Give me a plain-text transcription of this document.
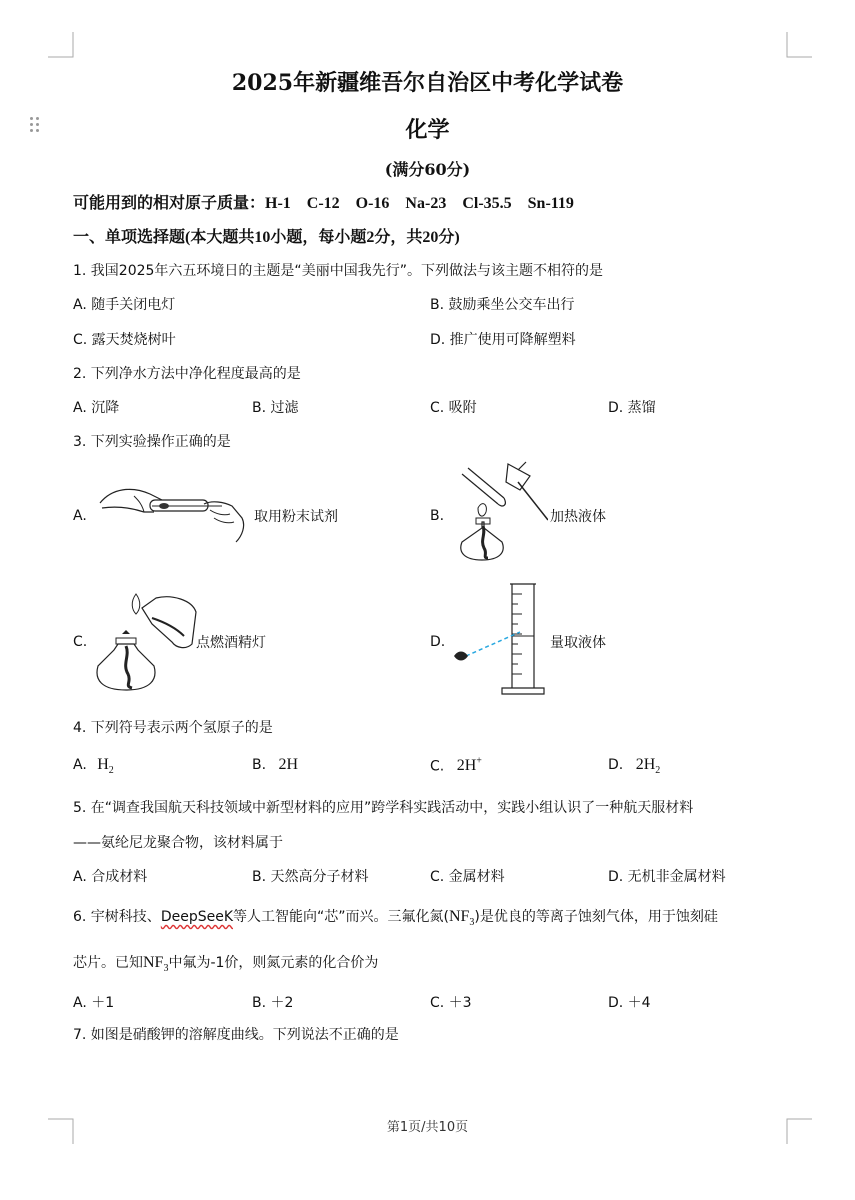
2025年新疆维吾尔自治区中考化学试卷
化学
(满分60分)
可能用到的相对原子质量：H-1　C-12　O-16　Na-23　Cl-35.5　Sn-119
一、单项选择题(本大题共10小题，每小题2分，共20分)
1. 我国2025年六五环境日的主题是“美丽中国我先行”。下列做法与该主题不相符的是
A. 随手关闭电灯	B. 鼓励乘坐公交车出行
C. 露天焚烧树叶	D. 推广使用可降解塑料
2. 下列净水方法中净化程度最高的是
A. 沉降	B. 过滤	C. 吸附	D. 蒸馏
3. 下列实验操作正确的是
A.	取用粉末试剂	B.	加热液体
C.	点燃酒精灯	D.	量取液体
4. 下列符号表示两个氢原子的是
A. $H_2$	B. 2H	C. 2H+	D. $2H_2$
5. 在“调查我国航天科技领域中新型材料的应用”跨学科实践活动中，实践小组认识了一种航天服材料
——氨纶尼龙聚合物，该材料属于
A. 合成材料	B. 天然高分子材料	C. 金属材料	D. 无机非金属材料
6. 宇树科技、DeepSeeK等人工智能向“芯”而兴。三氟化氮$(NF_3)$是优良的等离子蚀刻气体，用于蚀刻硅
芯片。已知$NF_3$中氟为-1价，则氮元素的化合价为
A. ＋1	B. ＋2	C. ＋3	D. ＋4
7. 如图是硝酸钾的溶解度曲线。下列说法不正确的是
第1页/共10页
